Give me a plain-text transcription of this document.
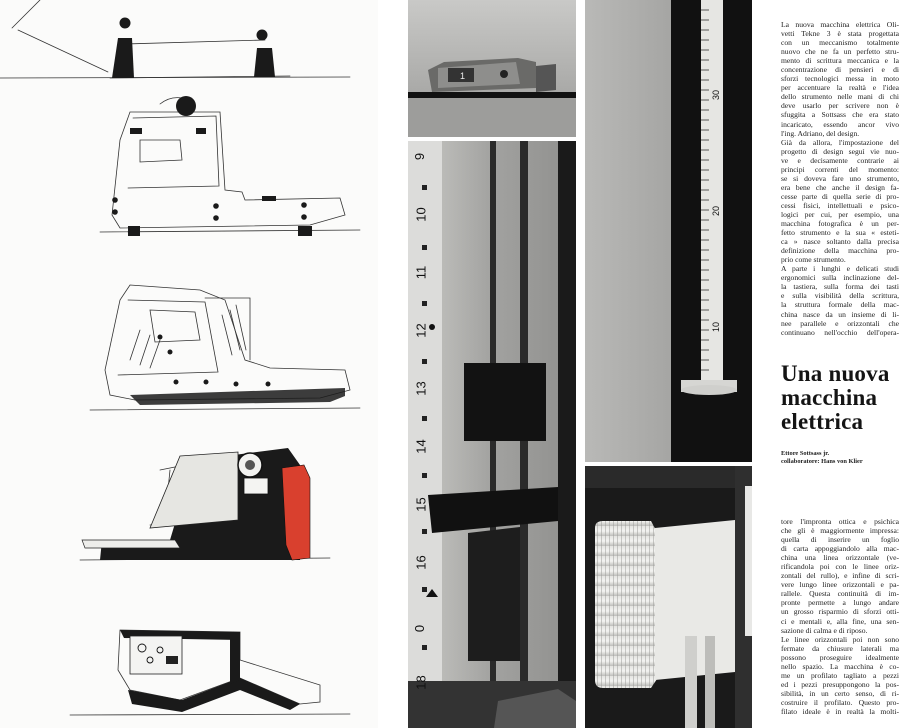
1
9
10
11
12
13
14
15
16
0
18
30
20
10

La nuova macchina elettrica Oli-
vetti Tekne 3 è stata progettata
con un meccanismo totalmente
nuovo che ne fa un perfetto stru-
mento di scrittura meccanica e la
concentrazione di pensieri e di
sforzi tecnologici messa in moto
per accentuare la realtà e l'idea
dello strumento nelle mani di chi
deve usarlo per scrivere non è
sfuggita a Sottsass che era stato
incaricato, essendo ancor vivo
l'ing. Adriano, del design.
Già da allora, l'impostazione del
progetto di design seguì vie nuo-
ve e decisamente contrarie ai
principi correnti del momento:
se si doveva fare uno strumento,
era bene che anche il design fa-
cesse parte di quella serie di pro-
cessi fisici, intellettuali e psico-
logici per cui, per esempio, una
macchina fotografica è un per-
fetto strumento e la sua « esteti-
ca » nasce soltanto dalla precisa
definizione della macchina pro-
prio come strumento.
A parte i lunghi e delicati studi
ergonomici sulla inclinazione del-
la tastiera, sulla forma dei tasti
e sulla visibilità della scrittura,
la struttura formale della mac-
china nasce da un insieme di li-
nee parallele e orizzontali che
continuano nell'occhio dell'opera-

Una nuova
macchina
elettrica
Ettore Sottsass jr.
collaboratore: Hans von Klier

tore l'impronta ottica e psichica
che gli è maggiormente impressa:
quella di inserire un foglio
di carta appoggiandolo alla mac-
china una linea orizzontale (ve-
rificandola poi con le linee oriz-
zontali del rullo), e infine di scri-
vere lungo linee orizzontali e pa-
rallele. Questa continuità di im-
pronte permette a lungo andare
un grosso risparmio di sforzi otti-
ci e mentali e, alla fine, una sen-
sazione di calma e di riposo.
Le linee orizzontali poi non sono
fermate da chiusure laterali ma
possono proseguire idealmente
nello spazio. La macchina è co-
me un profilato tagliato a pezzi
ed i pezzi presuppongono la pos-
sibilità, in un certo senso, di ri-
costruire il profilato. Questo pro-
filato ideale è in realtà la molti-
